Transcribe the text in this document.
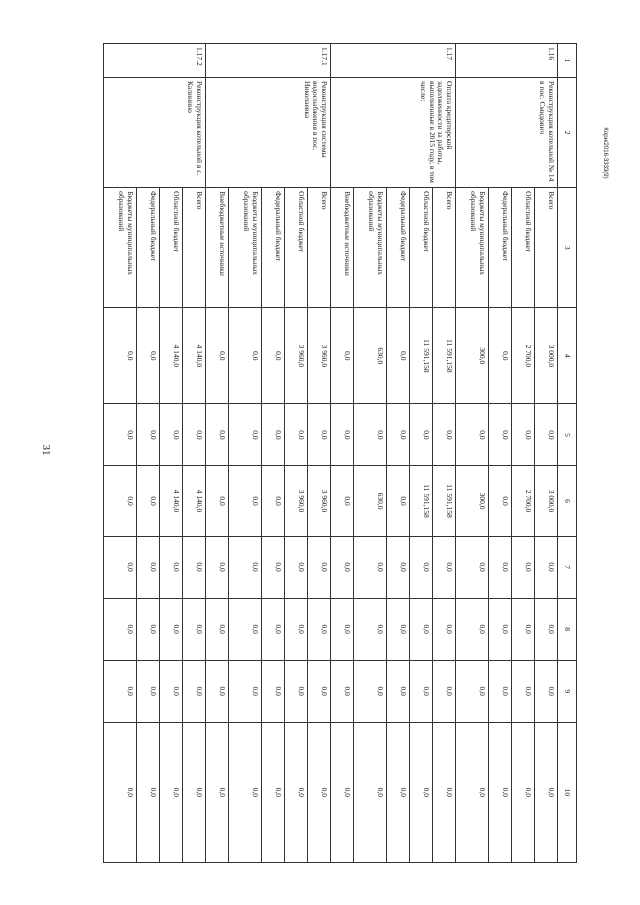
31
Корн/2016-3333(9)
1	2	3	4	5	6	7	8	9	10
1.16	Реконструкция котельной № 14 в пос. Смидович	Всего	3 000,0	0,0	3 000,0	0,0	0,0	0,0	0,0
		Областной бюджет	2 700,0	0,0	2 700,0	0,0	0,0	0,0	0,0
		Федеральный бюджет	0,0	0,0	0,0	0,0	0,0	0,0	0,0
		Бюджеты муниципальных образований	300,0	0,0	300,0	0,0	0,0	0,0	0,0
1.17	Оплата кредиторской задолженности за работы, выполненные в 2015 году, в том числе:	Всего	11 591,158	0,0	11 591,158	0,0	0,0	0,0	0,0
		Областной бюджет	11 591,158	0,0	11 591,158	0,0	0,0	0,0	0,0
		Федеральный бюджет	0,0	0,0	0,0	0,0	0,0	0,0	0,0
		Бюджеты муниципальных образований	630,0	0,0	630,0	0,0	0,0	0,0	0,0
		Внебюджетные источники	0,0	0,0	0,0	0,0	0,0	0,0	0,0
1.17.1	Реконструкция системы водоснабжения в пос. Николаевка	Всего	3 960,0	0,0	3 960,0	0,0	0,0	0,0	0,0
		Областной бюджет	3 960,0	0,0	3 960,0	0,0	0,0	0,0	0,0
		Федеральный бюджет	0,0	0,0	0,0	0,0	0,0	0,0	0,0
		Бюджеты муниципальных образований	0,0	0,0	0,0	0,0	0,0	0,0	0,0
		Внебюджетные источники	0,0	0,0	0,0	0,0	0,0	0,0	0,0
1.17.2	Реконструкция котельной в с. Калинино	Всего	4 140,0	0,0	4 140,0	0,0	0,0	0,0	0,0
		Областной бюджет	4 140,0	0,0	4 140,0	0,0	0,0	0,0	0,0
		Федеральный бюджет	0,0	0,0	0,0	0,0	0,0	0,0	0,0
		Бюджеты муниципальных образований	0,0	0,0	0,0	0,0	0,0	0,0	0,0
